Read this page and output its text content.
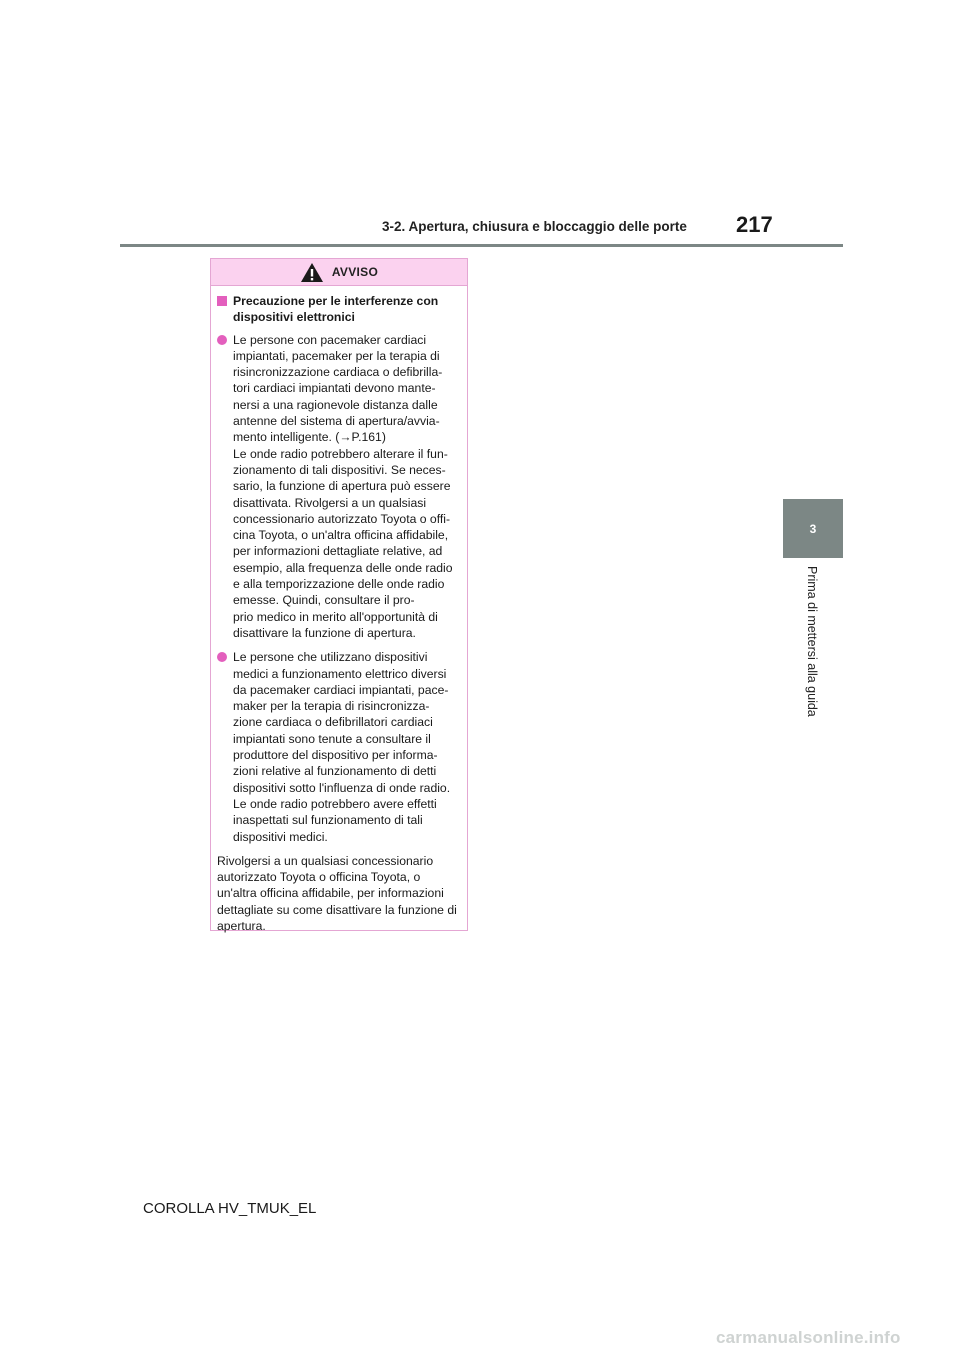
3-2. Apertura, chiusura e bloccaggio delle porte 217
3
Prima di mettersi alla guida
AVVISO
Precauzione per le interferenze con dispositivi elettronici
Le persone con pacemaker cardiaci impiantati, pacemaker per la terapia di risincronizzazione cardiaca o defibrilla-
tori cardiaci impiantati devono mante-
nersi a una ragionevole distanza dalle antenne del sistema di apertura/avvia-
mento intelligente. (→P.161)
Le onde radio potrebbero alterare il fun-
zionamento di tali dispositivi. Se neces-
sario, la funzione di apertura può essere disattivata. Rivolgersi a un qualsiasi concessionario autorizzato Toyota o offi-
cina Toyota, o un'altra officina affidabile, per informazioni dettagliate relative, ad esempio, alla frequenza delle onde radio e alla temporizzazione delle onde radio emesse. Quindi, consultare il pro-
prio medico in merito all'opportunità di disattivare la funzione di apertura.
Le persone che utilizzano dispositivi medici a funzionamento elettrico diversi da pacemaker cardiaci impiantati, pace-
maker per la terapia di risincronizza-
zione cardiaca o defibrillatori cardiaci impiantati sono tenute a consultare il produttore del dispositivo per informa-
zioni relative al funzionamento di detti dispositivi sotto l'influenza di onde radio. Le onde radio potrebbero avere effetti inaspettati sul funzionamento di tali dispositivi medici.
Rivolgersi a un qualsiasi concessionario autorizzato Toyota o officina Toyota, o un'altra officina affidabile, per informazioni dettagliate su come disattivare la funzione di apertura.
COROLLA HV_TMUK_EL
carmanualsonline.info
